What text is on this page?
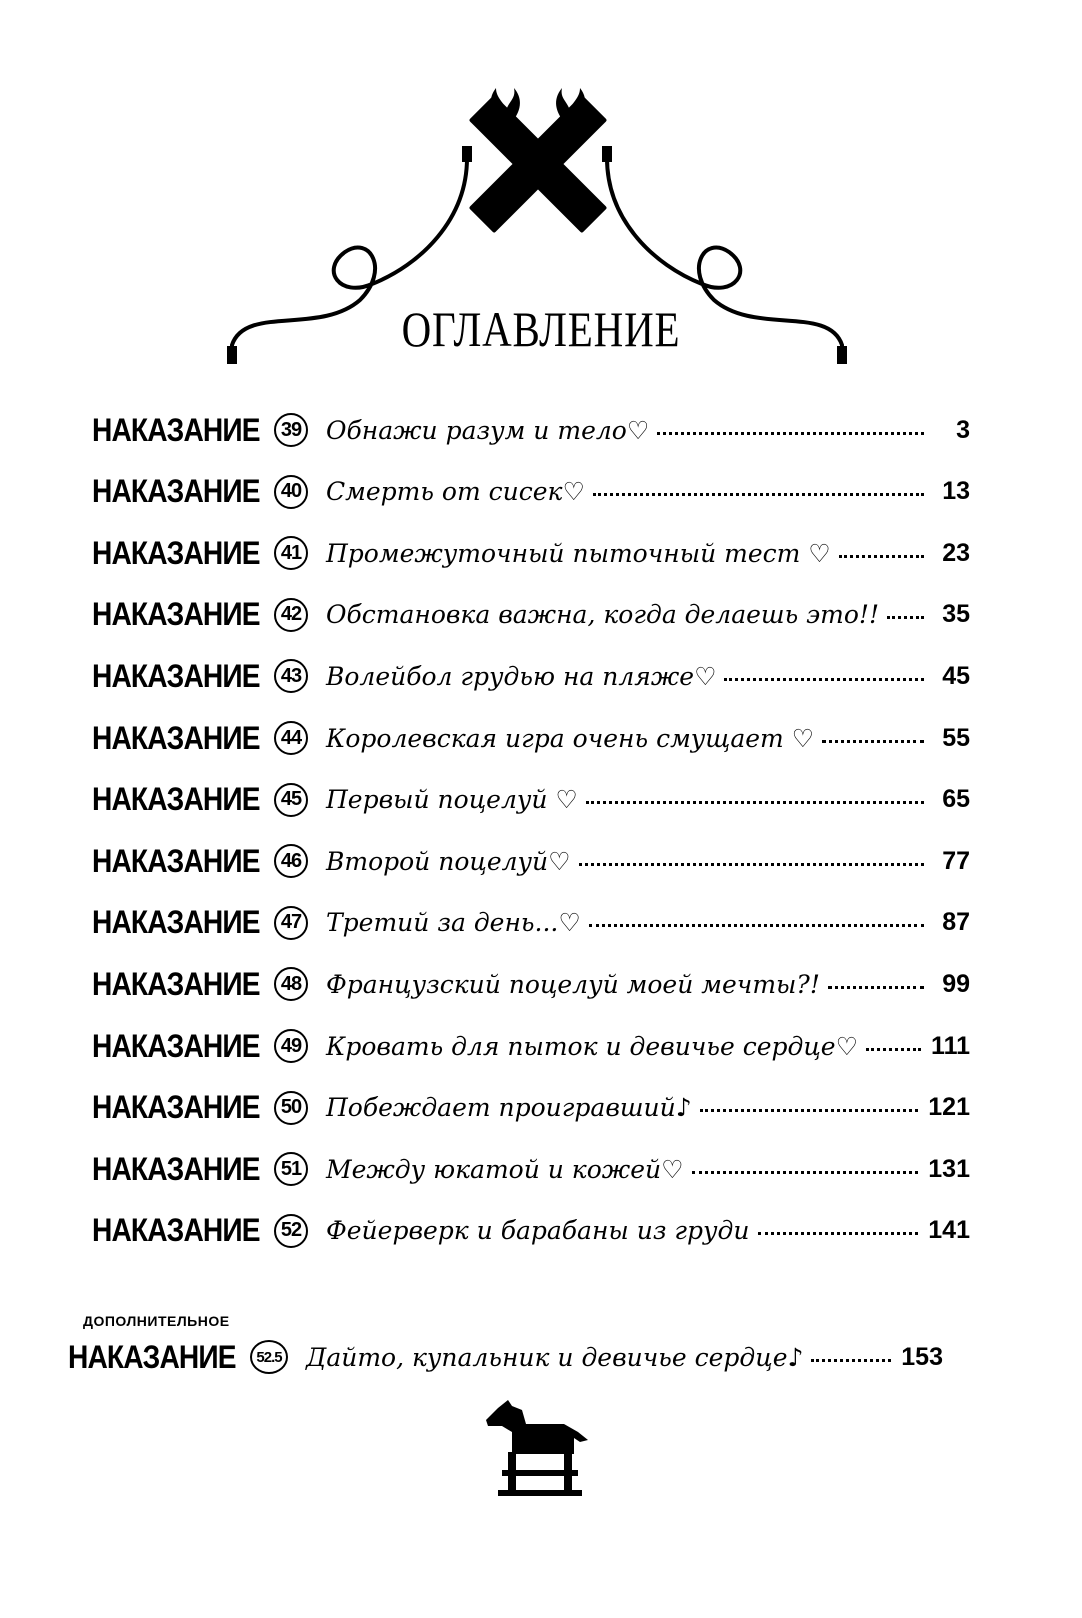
ОГЛАВЛЕНИЕ
НАКАЗАНИЕ	39 Обнажи разум и тело♡	3
НАКАЗАНИЕ	40 Смерть от сисек♡	13
НАКАЗАНИЕ	41 Промежуточный пыточный тест ♡	23
НАКАЗАНИЕ	42 Обстановка важна, когда делаешь это!!	35
НАКАЗАНИЕ	43 Волейбол грудью на пляже♡	45
НАКАЗАНИЕ	44 Королевская игра очень смущает ♡	55
НАКАЗАНИЕ	45 Первый поцелуй ♡	65
НАКАЗАНИЕ	46 Второй поцелуй♡	77
НАКАЗАНИЕ	47 Третий за день...♡	87
НАКАЗАНИЕ	48 Французский поцелуй моей мечты?!	99
НАКАЗАНИЕ	49 Кровать для пыток и девичье сердце♡	111
НАКАЗАНИЕ	50 Побеждает проигравший♪	121
НАКАЗАНИЕ	51 Между юкатой и кожей♡	131
НАКАЗАНИЕ	52 Фейерверк и барабаны из груди	141
ДОПОЛНИТЕЛЬНОЕ
НАКАЗАНИЕ	52.5 Дайто, купальник и девичье сердце♪	153
